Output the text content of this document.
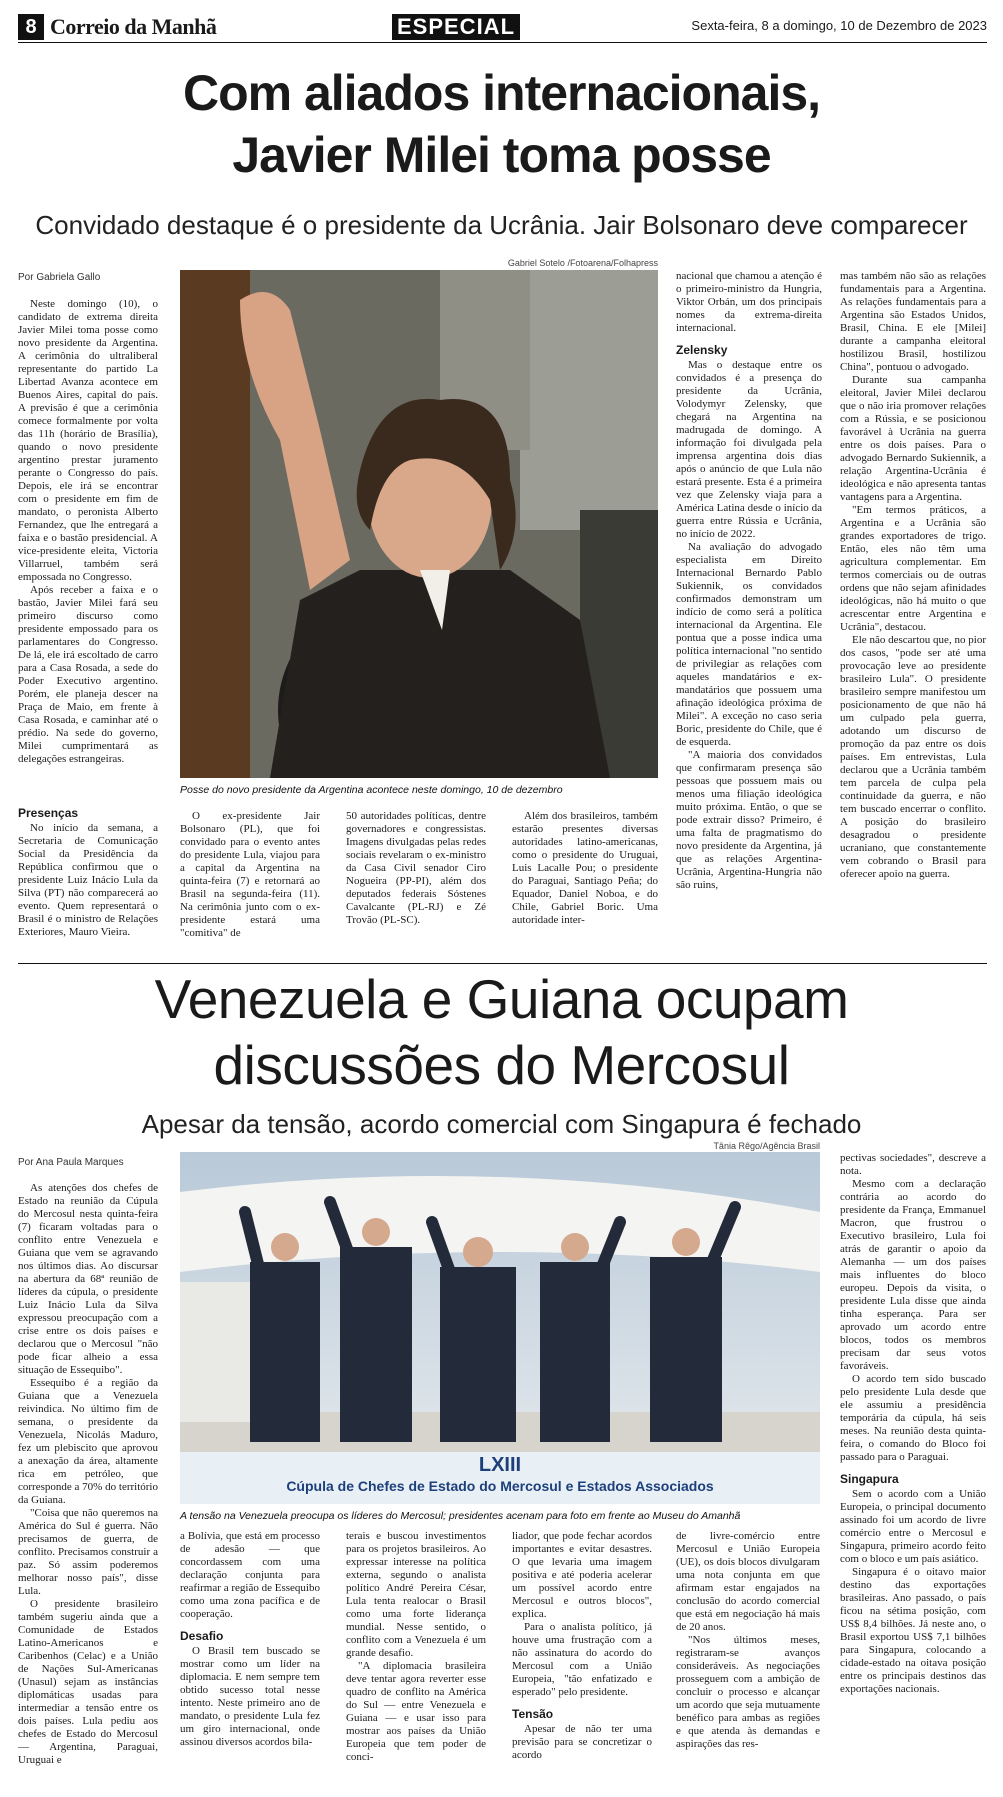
8 Correio da Manhã	ESPECIAL	Sexta-feira, 8 a domingo, 10 de Dezembro de 2023
Com aliados internacionais,
Javier Milei toma posse
Convidado destaque é o presidente da Ucrânia. Jair Bolsonaro deve comparecer
Por Gabriela Gallo

Neste domingo (10), o candidato de extrema direita Javier Milei toma posse como novo presidente da Argentina. A cerimônia do ultraliberal representante do partido La Libertad Avanza acontece em Buenos Aires, capital do país. A previsão é que a cerimônia comece formalmente por volta das 11h (horário de Brasília), quando o novo presidente argentino prestar juramento perante o Congresso do país. Depois, ele irá se encontrar com o presidente em fim de mandato, o peronista Alberto Fernandez, que lhe entregará a faixa e o bastão presidencial. A vice-presidente eleita, Victoria Villarruel, também será empossada no Congresso.

Após receber a faixa e o bastão, Javier Milei fará seu primeiro discurso como presidente empossado para os parlamentares do Congresso. De lá, ele irá escoltado de carro para a Casa Rosada, a sede do Poder Executivo argentino. Porém, ele planeja descer na Praça de Maio, em frente à Casa Rosada, e caminhar até o prédio. Na sede do governo, Milei cumprimentará as delegações estrangeiras.

Presenças

No início da semana, a Secretaria de Comunicação Social da Presidência da República confirmou que o presidente Luiz Inácio Lula da Silva (PT) não comparecerá ao evento. Quem representará o Brasil é o ministro de Relações Exteriores, Mauro Vieira.

Gabriel Sotelo /Fotoarena/Folhapress
Posse do novo presidente da Argentina acontece neste domingo, 10 de dezembro

O ex-presidente Jair Bolsonaro (PL), que foi convidado para o evento antes do presidente Lula, viajou para a capital da Argentina na quinta-feira (7) e retornará ao Brasil na segunda-feira (11). Na cerimônia junto com o ex-presidente estará uma "comitiva" de

50 autoridades políticas, dentre governadores e congressistas. Imagens divulgadas pelas redes sociais revelaram o ex-ministro da Casa Civil senador Ciro Nogueira (PP-PI), além dos deputados federais Sóstenes Cavalcante (PL-RJ) e Zé Trovão (PL-SC).

Além dos brasileiros, também estarão presentes diversas autoridades latino-americanas, como o presidente do Uruguai, Luis Lacalle Pou; o presidente do Paraguai, Santiago Peña; do Equador, Daniel Noboa, e do Chile, Gabriel Boric. Uma autoridade inter-

nacional que chamou a atenção é o primeiro-ministro da Hungria, Viktor Orbán, um dos principais nomes da extrema-direita internacional.

Zelensky

Mas o destaque entre os convidados é a presença do presidente da Ucrânia, Volodymyr Zelensky, que chegará na Argentina na madrugada de domingo. A informação foi divulgada pela imprensa argentina dois dias após o anúncio de que Lula não estará presente. Esta é a primeira vez que Zelensky viaja para a América Latina desde o início da guerra entre Rússia e Ucrânia, no início de 2022.

Na avaliação do advogado especialista em Direito Internacional Bernardo Pablo Sukiennik, os convidados confirmados demonstram um indício de como será a política internacional da Argentina. Ele pontua que a posse indica uma política internacional "no sentido de privilegiar as relações com aqueles mandatários e ex-mandatários que possuem uma afinação ideológica próxima de Milei". A exceção no caso seria Boric, presidente do Chile, que é de esquerda.

"A maioria dos convidados que confirmaram presença são pessoas que possuem mais ou menos uma filiação ideológica muito próxima. Então, o que se pode extrair disso? Primeiro, é uma falta de pragmatismo do novo presidente da Argentina, já que as relações Argentina-Ucrânia, Argentina-Hungria não são ruins,

mas também não são as relações fundamentais para a Argentina. As relações fundamentais para a Argentina são Estados Unidos, Brasil, China. E ele [Milei] durante a campanha eleitoral hostilizou Brasil, hostilizou China", pontuou o advogado.

Durante sua campanha eleitoral, Javier Milei declarou que o não iria promover relações com a Rússia, e se posicionou favorável à Ucrânia na guerra entre os dois países. Para o advogado Bernardo Sukiennik, a relação Argentina-Ucrânia é ideológica e não apresenta tantas vantagens para a Argentina.

"Em termos práticos, a Argentina e a Ucrânia são grandes exportadores de trigo. Então, eles não têm uma agricultura complementar. Em termos comerciais ou de outras ordens que não sejam afinidades ideológicas, não há muito o que acrescentar entre Argentina e Ucrânia", destacou.

Ele não descartou que, no pior dos casos, "pode ser até uma provocação leve ao presidente brasileiro Lula". O presidente brasileiro sempre manifestou um posicionamento de que não há um culpado pela guerra, adotando um discurso de promoção da paz entre os dois países. Em entrevistas, Lula declarou que a Ucrânia também tem parcela de culpa pela continuidade da guerra, e não tem buscado encerrar o conflito. A posição do brasileiro desagradou o presidente ucraniano, que constantemente vem cobrando o Brasil para oferecer apoio na guerra.

Venezuela e Guiana ocupam
discussões do Mercosul
Apesar da tensão, acordo comercial com Singapura é fechado
Por Ana Paula Marques
Tânia Rêgo/Agência Brasil

As atenções dos chefes de Estado na reunião da Cúpula do Mercosul nesta quinta-feira (7) ficaram voltadas para o conflito entre Venezuela e Guiana que vem se agravando nos últimos dias. Ao discursar na abertura da 68ª reunião de líderes da cúpula, o presidente Luiz Inácio Lula da Silva expressou preocupação com a crise entre os dois países e declarou que o Mercosul "não pode ficar alheio a essa situação de Essequibo".

Essequibo é a região da Guiana que a Venezuela reivindica. No último fim de semana, o presidente da Venezuela, Nicolás Maduro, fez um plebiscito que aprovou a anexação da área, altamente rica em petróleo, que corresponde a 70% do território da Guiana.

"Coisa que não queremos na América do Sul é guerra. Não precisamos de guerra, de conflito. Precisamos construir a paz. Só assim poderemos melhorar nosso país", disse Lula.

O presidente brasileiro também sugeriu ainda que a Comunidade de Estados Latino-Americanos e Caribenhos (Celac) e a União de Nações Sul-Americanas (Unasul) sejam as instâncias diplomáticas usadas para intermediar a tensão entre os dois países. Lula pediu aos chefes de Estado do Mercosul — Argentina, Paraguai, Uruguai e

LXIII
Cúpula de Chefes de Estado do Mercosul e Estados Associados
A tensão na Venezuela preocupa os líderes do Mercosul; presidentes acenam para foto em frente ao Museu do Amanhã

a Bolívia, que está em processo de adesão — que concordassem com uma declaração conjunta para reafirmar a região de Essequibo como uma zona pacífica e de cooperação.

Desafio

O Brasil tem buscado se mostrar como um líder na diplomacia. E nem sempre tem obtido sucesso total nesse intento. Neste primeiro ano de mandato, o presidente Lula fez um giro internacional, onde assinou diversos acordos bila-

terais e buscou investimentos para os projetos brasileiros. Ao expressar interesse na política externa, segundo o analista político André Pereira César, Lula tenta realocar o Brasil como uma forte liderança mundial. Nesse sentido, o conflito com a Venezuela é um grande desafio.

"A diplomacia brasileira deve tentar agora reverter esse quadro de conflito na América do Sul — entre Venezuela e Guiana — e usar isso para mostrar aos países da União Europeia que tem poder de conci-

liador, que pode fechar acordos importantes e evitar desastres. O que levaria uma imagem positiva e até poderia acelerar um possível acordo entre Mercosul e outros blocos", explica.

Para o analista político, já houve uma frustração com a não assinatura do acordo do Mercosul com a União Europeia, "tão enfatizado e esperado" pelo presidente.

Tensão

Apesar de não ter uma previsão para se concretizar o acordo

de livre-comércio entre Mercosul e União Europeia (UE), os dois blocos divulgaram uma nota conjunta em que afirmam estar engajados na conclusão do acordo comercial que está em negociação há mais de 20 anos.

"Nos últimos meses, registraram-se avanços consideráveis. As negociações prosseguem com a ambição de concluir o processo e alcançar um acordo que seja mutuamente benéfico para ambas as regiões e que atenda às demandas e aspirações das res-

pectivas sociedades", descreve a nota.

Mesmo com a declaração contrária ao acordo do presidente da França, Emmanuel Macron, que frustrou o Executivo brasileiro, Lula foi atrás de garantir o apoio da Alemanha — um dos países mais influentes do bloco europeu. Depois da visita, o presidente Lula disse que ainda tinha esperança. Para ser aprovado um acordo entre blocos, todos os membros precisam dar seus votos favoráveis.

O acordo tem sido buscado pelo presidente Lula desde que ele assumiu a presidência temporária da cúpula, há seis meses. Na reunião desta quinta-feira, o comando do Bloco foi passado para o Paraguai.

Singapura

Sem o acordo com a União Europeia, o principal documento assinado foi um acordo de livre comércio entre o Mercosul e Singapura, primeiro acordo feito com o bloco e um país asiático.

Singapura é o oitavo maior destino das exportações brasileiras. Ano passado, o país ficou na sétima posição, com US$ 8,4 bilhões. Já neste ano, o Brasil exportou US$ 7,1 bilhões para Singapura, colocando a cidade-estado na oitava posição entre os principais destinos das exportações nacionais.
